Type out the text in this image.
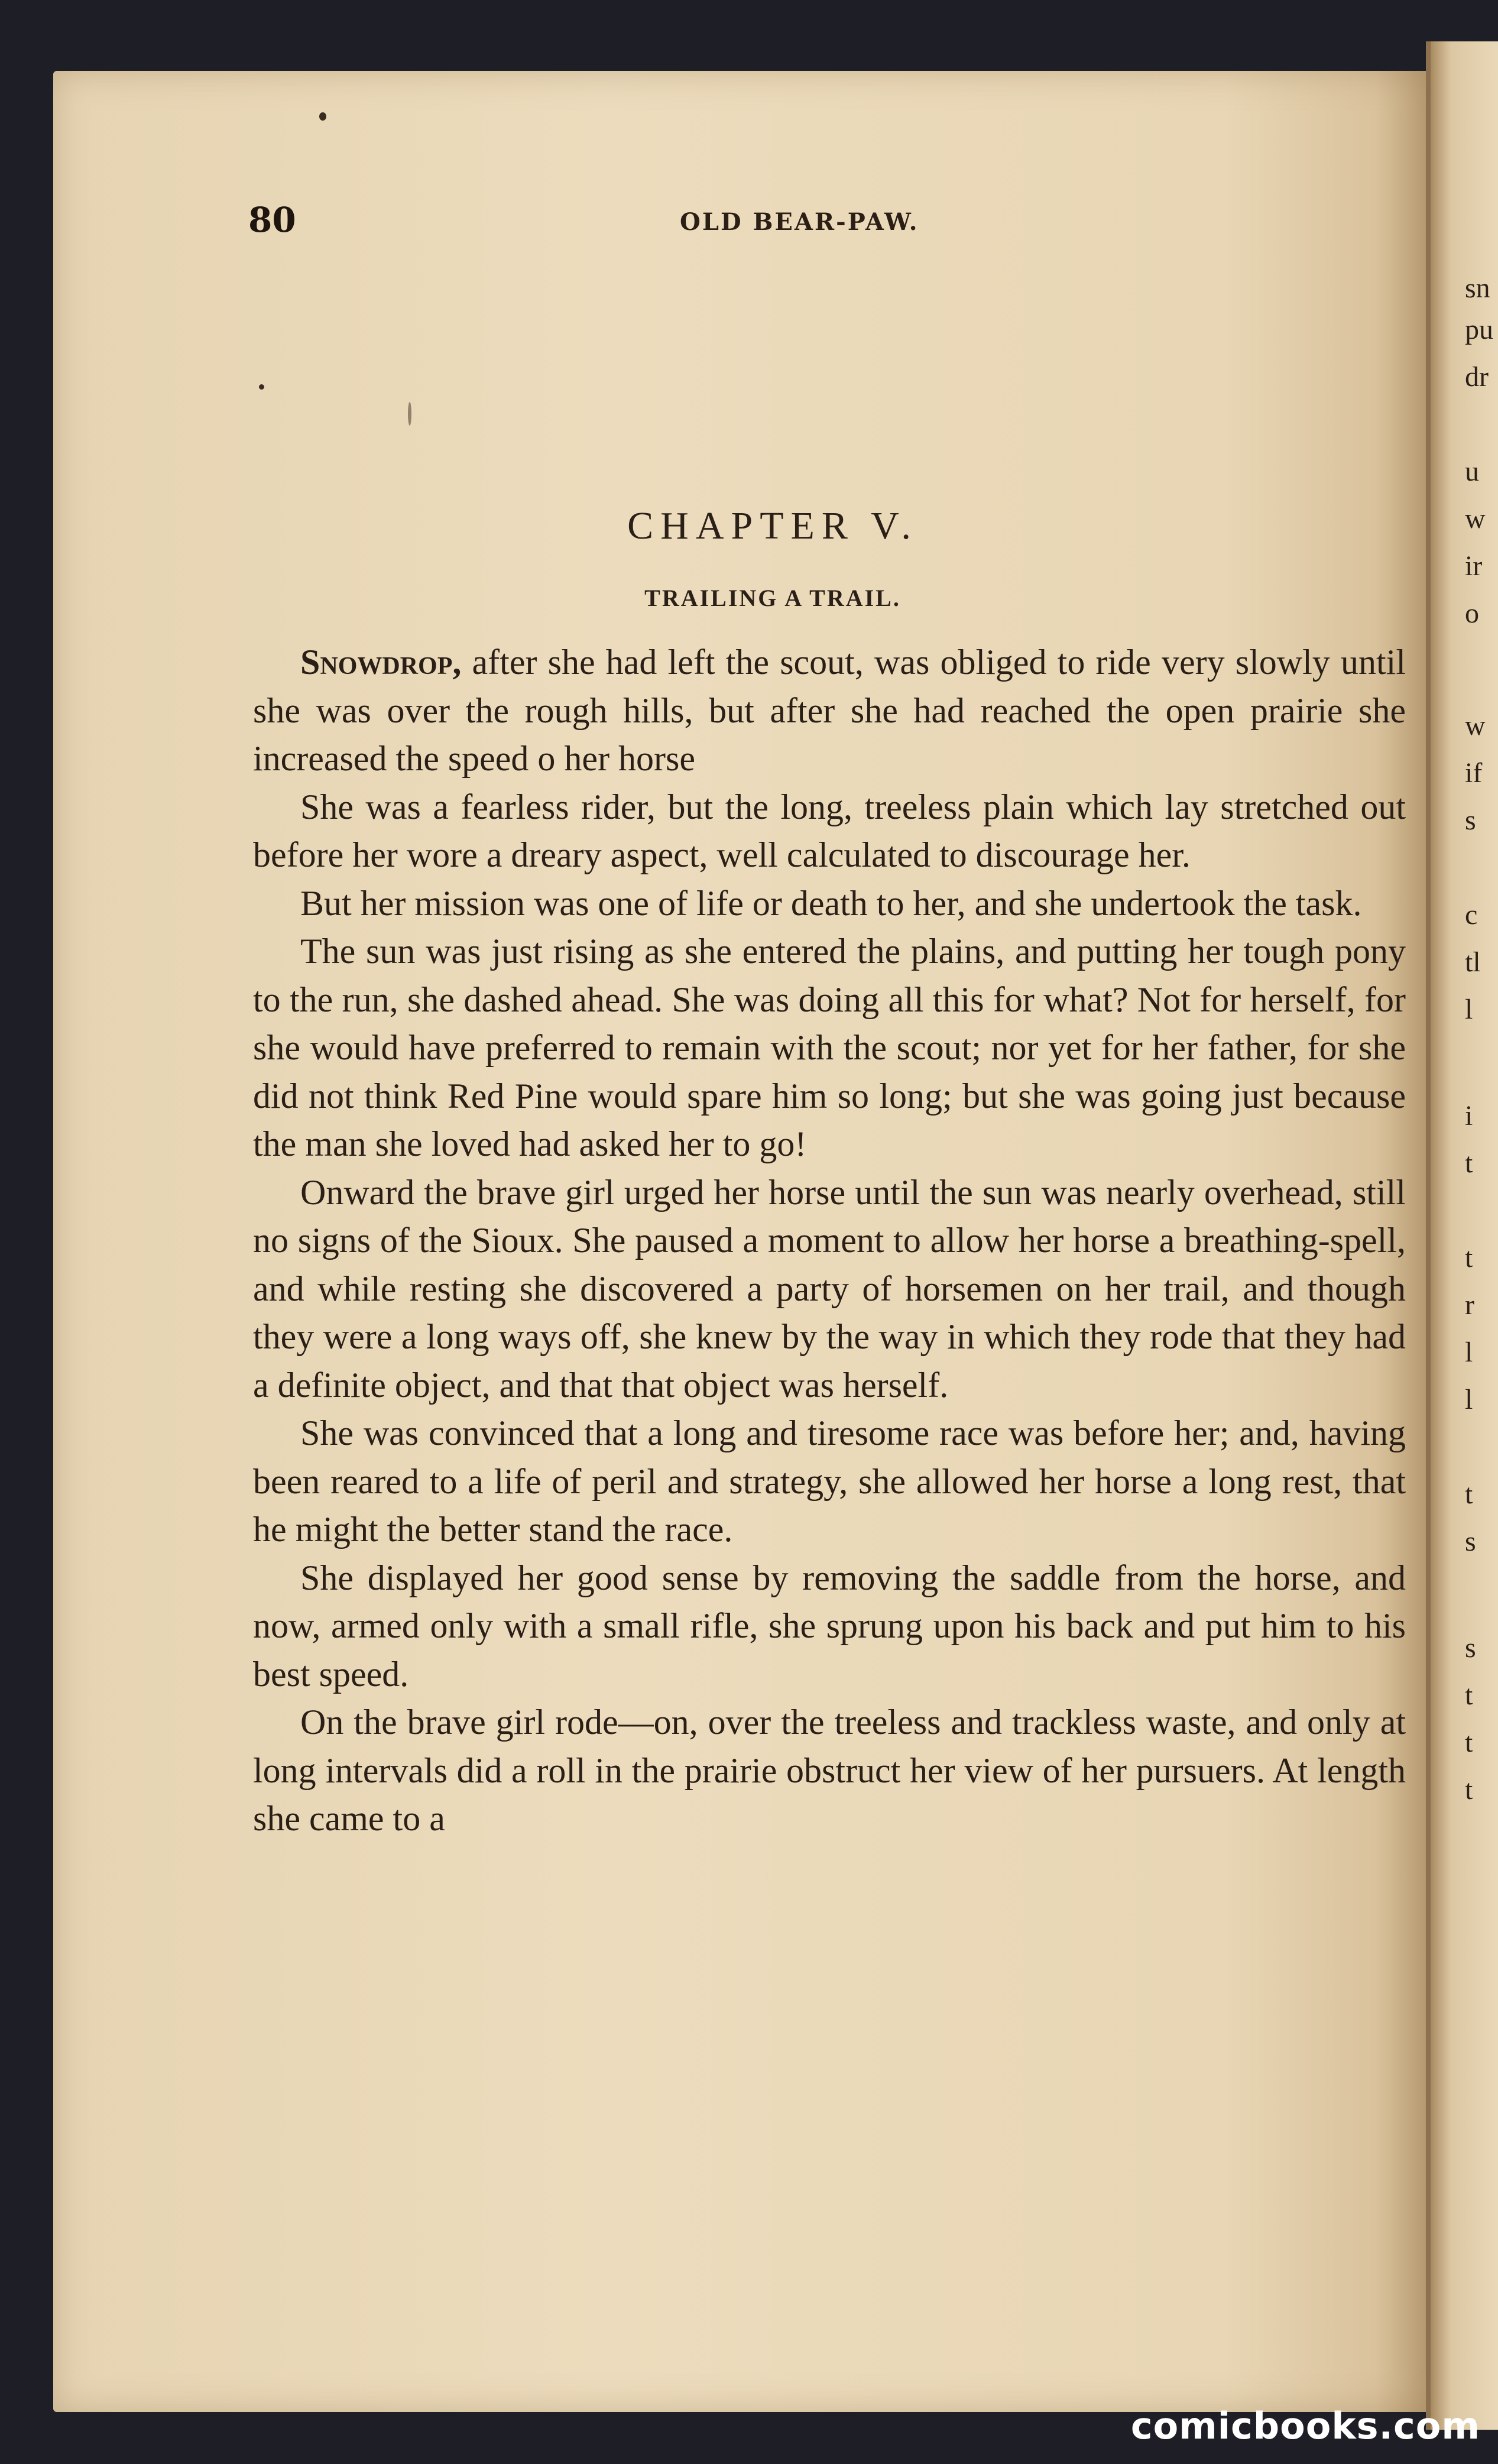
80	OLD BEAR-PAW.
CHAPTER V.
TRAILING A TRAIL.

Snowdrop, after she had left the scout, was obliged to ride very slowly until she was over the rough hills, but after she had reached the open prairie she increased the speed o her horse

She was a fearless rider, but the long, treeless plain which lay stretched out before her wore a dreary aspect, well calculated to discourage her.

But her mission was one of life or death to her, and she undertook the task.

The sun was just rising as she entered the plains, and putting her tough pony to the run, she dashed ahead. She was doing all this for what? Not for herself, for she would have preferred to remain with the scout; nor yet for her father, for she did not think Red Pine would spare him so long; but she was going just because the man she loved had asked her to go!

Onward the brave girl urged her horse until the sun was nearly overhead, still no signs of the Sioux. She paused a moment to allow her horse a breathing-spell, and while resting she discovered a party of horsemen on her trail, and though they were a long ways off, she knew by the way in which they rode that they had a definite object, and that that object was herself.

She was convinced that a long and tiresome race was before her; and, having been reared to a life of peril and strategy, she allowed her horse a long rest, that he might the better stand the race.

She displayed her good sense by removing the saddle from the horse, and now, armed only with a small rifle, she sprung upon his back and put him to his best speed.

On the brave girl rode—on, over the treeless and trackless waste, and only at long intervals did a roll in the prairie obstruct her view of her pursuers. At length she came to a

sn
pu
dr
u
w
ir
o
w
if
s
c
tl
l
i
t
t
r
l
l
t
s
s
t
t
t
comicbooks.com
